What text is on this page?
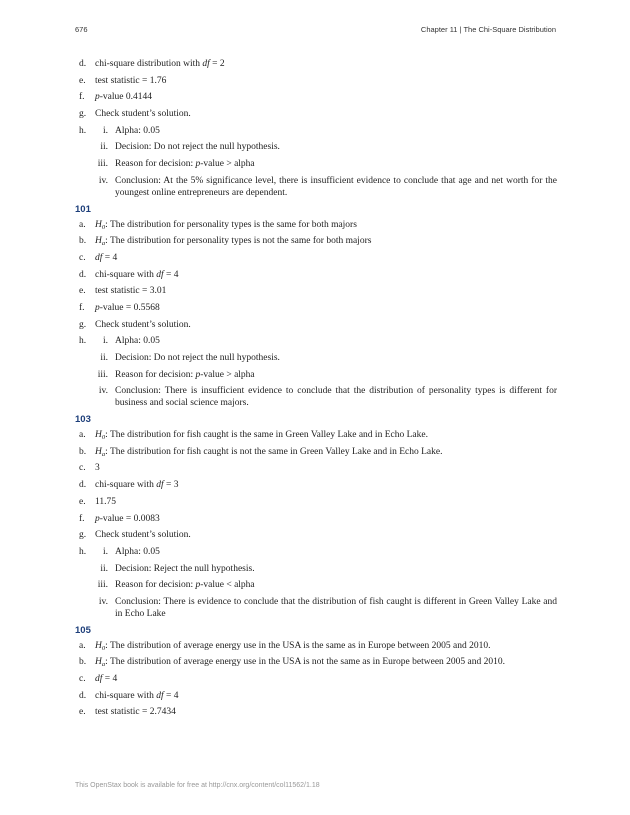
676	Chapter 11 | The Chi-Square Distribution
d. chi-square distribution with df = 2
e. test statistic = 1.76
f. p-value 0.4144
g. Check student’s solution.
h.	i. Alpha: 0.05
ii. Decision: Do not reject the null hypothesis.
iii. Reason for decision: p-value > alpha
iv. Conclusion: At the 5% significance level, there is insufficient evidence to conclude that age and net worth for the youngest online entrepreneurs are dependent.
101
a. $H_0$: The distribution for personality types is the same for both majors
b. $H_a$: The distribution for personality types is not the same for both majors
c. df = 4
d. chi-square with df = 4
e. test statistic = 3.01
f. p-value = 0.5568
g. Check student’s solution.
h.	i. Alpha: 0.05
ii. Decision: Do not reject the null hypothesis.
iii. Reason for decision: p-value > alpha
iv. Conclusion: There is insufficient evidence to conclude that the distribution of personality types is different for business and social science majors.
103
a. $H_0$: The distribution for fish caught is the same in Green Valley Lake and in Echo Lake.
b. $H_a$: The distribution for fish caught is not the same in Green Valley Lake and in Echo Lake.
c. 3
d. chi-square with df = 3
e. 11.75
f. p-value = 0.0083
g. Check student’s solution.
h.	i. Alpha: 0.05
ii. Decision: Reject the null hypothesis.
iii. Reason for decision: p-value < alpha
iv. Conclusion: There is evidence to conclude that the distribution of fish caught is different in Green Valley Lake and in Echo Lake
105
a. $H_0$: The distribution of average energy use in the USA is the same as in Europe between 2005 and 2010.
b. $H_a$: The distribution of average energy use in the USA is not the same as in Europe between 2005 and 2010.
c. df = 4
d. chi-square with df = 4
e. test statistic = 2.7434
This OpenStax book is available for free at http://cnx.org/content/col11562/1.18
